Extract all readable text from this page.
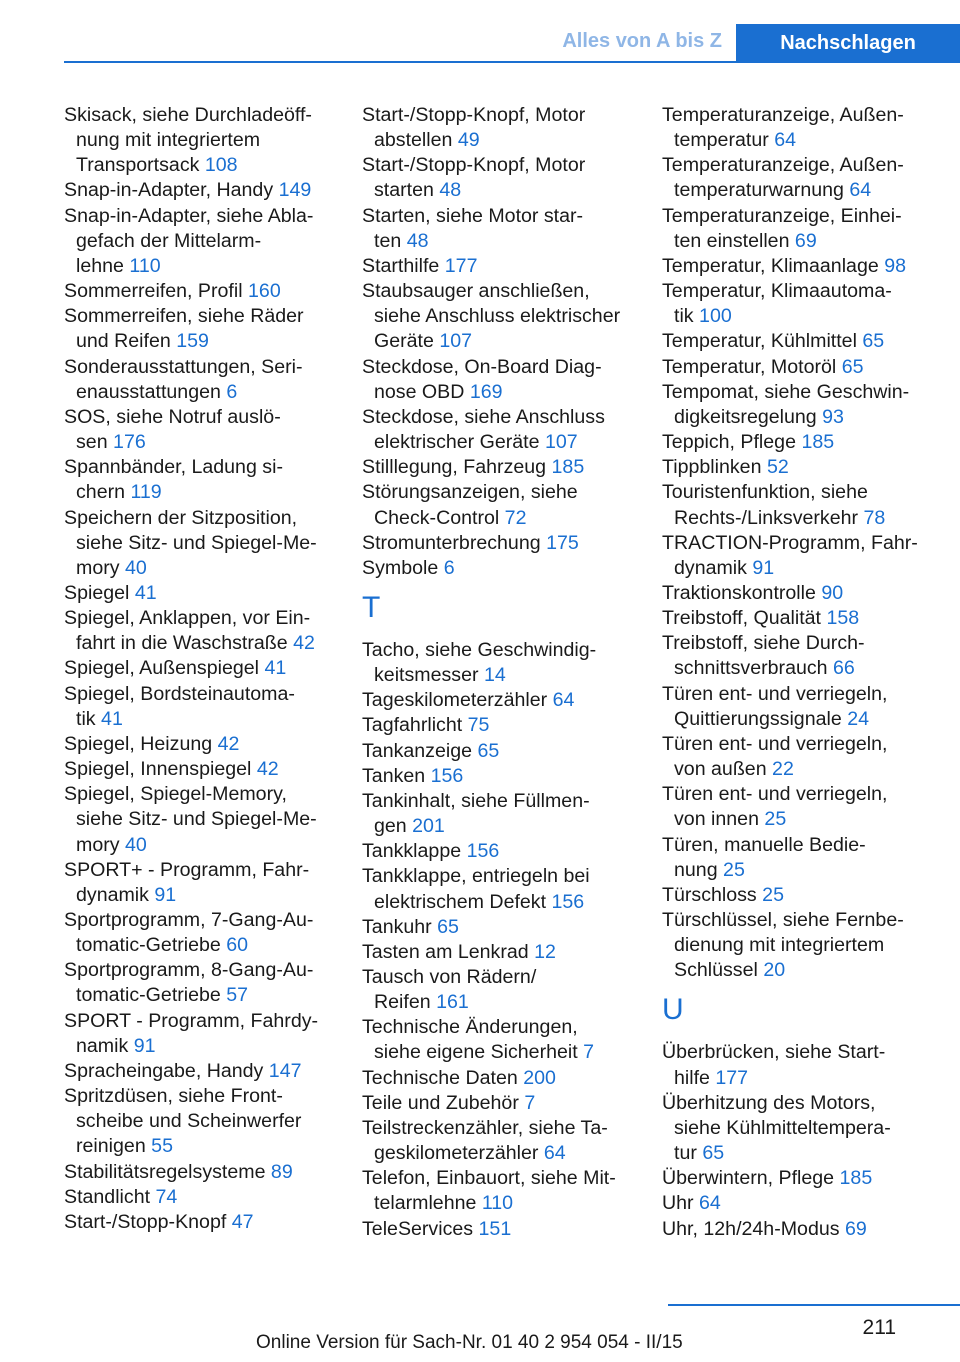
Alles von A bis Z	Nachschlagen
Skisack, siehe Durchladeöff-
nung mit integriertem
Transportsack 108
Snap-in-Adapter, Handy 149
Snap-in-Adapter, siehe Abla-
gefach der Mittelarm-
lehne 110
Sommerreifen, Profil 160
Sommerreifen, siehe Räder
und Reifen 159
Sonderausstattungen, Seri-
enausstattungen 6
SOS, siehe Notruf auslö-
sen 176
Spannbänder, Ladung si-
chern 119
Speichern der Sitzposition,
siehe Sitz- und Spiegel-Me-
mory 40
Spiegel 41
Spiegel, Anklappen, vor Ein-
fahrt in die Waschstraße 42
Spiegel, Außenspiegel 41
Spiegel, Bordsteinautoma-
tik 41
Spiegel, Heizung 42
Spiegel, Innenspiegel 42
Spiegel, Spiegel-Memory,
siehe Sitz- und Spiegel-Me-
mory 40
SPORT+ - Programm, Fahr-
dynamik 91
Sportprogramm, 7-Gang-Au-
tomatic-Getriebe 60
Sportprogramm, 8-Gang-Au-
tomatic-Getriebe 57
SPORT - Programm, Fahrdy-
namik 91
Spracheingabe, Handy 147
Spritzdüsen, siehe Front-
scheibe und Scheinwerfer
reinigen 55
Stabilitätsregelsysteme 89
Standlicht 74
Start-/Stopp-Knopf 47
Start-/Stopp-Knopf, Motor
abstellen 49
Start-/Stopp-Knopf, Motor
starten 48
Starten, siehe Motor star-
ten 48
Starthilfe 177
Staubsauger anschließen,
siehe Anschluss elektrischer
Geräte 107
Steckdose, On-Board Diag-
nose OBD 169
Steckdose, siehe Anschluss
elektrischer Geräte 107
Stilllegung, Fahrzeug 185
Störungsanzeigen, siehe
Check-Control 72
Stromunterbrechung 175
Symbole 6
T
Tacho, siehe Geschwindig-
keitsmesser 14
Tageskilometerzähler 64
Tagfahrlicht 75
Tankanzeige 65
Tanken 156
Tankinhalt, siehe Füllmen-
gen 201
Tankklappe 156
Tankklappe, entriegeln bei
elektrischem Defekt 156
Tankuhr 65
Tasten am Lenkrad 12
Tausch von Rädern/
Reifen 161
Technische Änderungen,
siehe eigene Sicherheit 7
Technische Daten 200
Teile und Zubehör 7
Teilstreckenzähler, siehe Ta-
geskilometerzähler 64
Telefon, Einbauort, siehe Mit-
telarmlehne 110
TeleServices 151
Temperaturanzeige, Außen-
temperatur 64
Temperaturanzeige, Außen-
temperaturwarnung 64
Temperaturanzeige, Einhei-
ten einstellen 69
Temperatur, Klimaanlage 98
Temperatur, Klimaautoma-
tik 100
Temperatur, Kühlmittel 65
Temperatur, Motoröl 65
Tempomat, siehe Geschwin-
digkeitsregelung 93
Teppich, Pflege 185
Tippblinken 52
Touristenfunktion, siehe
Rechts-/Linksverkehr 78
TRACTION-Programm, Fahr-
dynamik 91
Traktionskontrolle 90
Treibstoff, Qualität 158
Treibstoff, siehe Durch-
schnittsverbrauch 66
Türen ent- und verriegeln,
Quittierungssignale 24
Türen ent- und verriegeln,
von außen 22
Türen ent- und verriegeln,
von innen 25
Türen, manuelle Bedie-
nung 25
Türschloss 25
Türschlüssel, siehe Fernbe-
dienung mit integriertem
Schlüssel 20
U
Überbrücken, siehe Start-
hilfe 177
Überhitzung des Motors,
siehe Kühlmitteltempera-
tur 65
Überwintern, Pflege 185
Uhr 64
Uhr, 12h/24h-Modus 69
211
Online Version für Sach-Nr. 01 40 2 954 054 - II/15
